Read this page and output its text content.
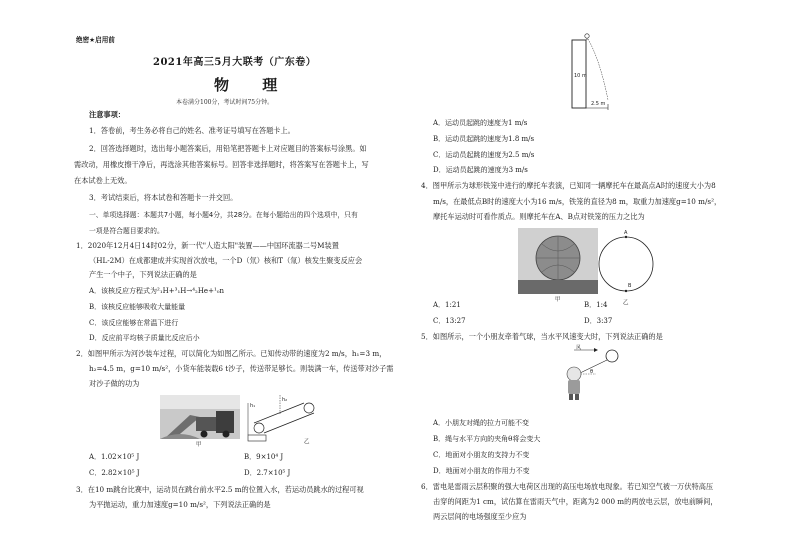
绝密★启用前
2021年高三5月大联考（广东卷）
物 理
本卷满分100分，考试时间75分钟。
注意事项：
1．答卷前，考生务必将自己的姓名、准考证号填写在答题卡上。
2．回答选择题时，选出每小题答案后，用铅笔把答题卡上对应题目的答案标号涂黑。如
需改动，用橡皮擦干净后，再选涂其他答案标号。回答非选择题时，将答案写在答题卡上，写
在本试卷上无效。
3．考试结束后，将本试卷和答题卡一并交回。
一、单项选择题：本题共7小题，每小题4分，共28分。在每小题给出的四个选项中，只有
一项是符合题目要求的。
1．2020年12月4日14时02分，新一代"人造太阳"装置——中国环流器二号M装置
（HL-2M）在成都建成并实现首次放电，一个D（氘）核和T（氚）核发生聚变反应会
产生一个中子，下列说法正确的是
A．该核反应方程式为²₁H+³₁H→⁴₂He+¹₀n
B．该核反应能够吸收大量能量
C．该反应能够在常温下进行
D．反应前平均核子质量比反应后小
2．如图甲所示为河沙装车过程，可以简化为如图乙所示。已知传动带的速度为2 m/s，h₁=3 m，
h₂=4.5 m，g=10 m/s²，小货车能装载6 t沙子，传送带足够长。则装满一车，传送带对沙子需
对沙子做的功为
甲
h₁
h₂
乙
A．1.02×10⁵ J	B．9×10⁴ J
C．2.82×10⁵ J	D．2.7×10⁵ J
3．在10 m跳台比赛中，运动员在跳台前水平2.5 m的位置入水，若运动员跳水的过程可视
为平抛运动，重力加速度g=10 m/s²，下列说法正确的是
10 m
2.5 m
A．运动员起跳的速度为1 m/s
B．运动员起跳的速度为1.8 m/s
C．运动员起跳的速度为2.5 m/s
D．运动员起跳的速度为3 m/s
4．图甲所示为球形铁笼中进行的摩托车表演，已知同一辆摩托车在最高点A时的速度大小为8
m/s，在最低点B时的速度大小为16 m/s，铁笼的直径为8 m，取重力加速度g=10 m/s²，
摩托车运动时可看作质点。则摩托车在A、B点对铁笼的压力之比为
甲
A
B
乙
A．1:21	B．1:4
C．13:27	D．3:37
5．如图所示，一个小朋友牵着气球，当水平风速变大时，下列说法正确的是
风
θ
A．小朋友对绳的拉力可能不变
B．绳与水平方向的夹角θ将会变大
C．地面对小朋友的支持力不变
D．地面对小朋友的作用力不变
6．雷电是雷雨云层积聚的强大电荷区出现的高压电场放电现象。若已知空气被一万伏特高压
击穿的间距为1 cm，试估算在雷雨天气中，距离为2 000 m的两放电云层，放电前瞬间，
两云层间的电场强度至少应为
